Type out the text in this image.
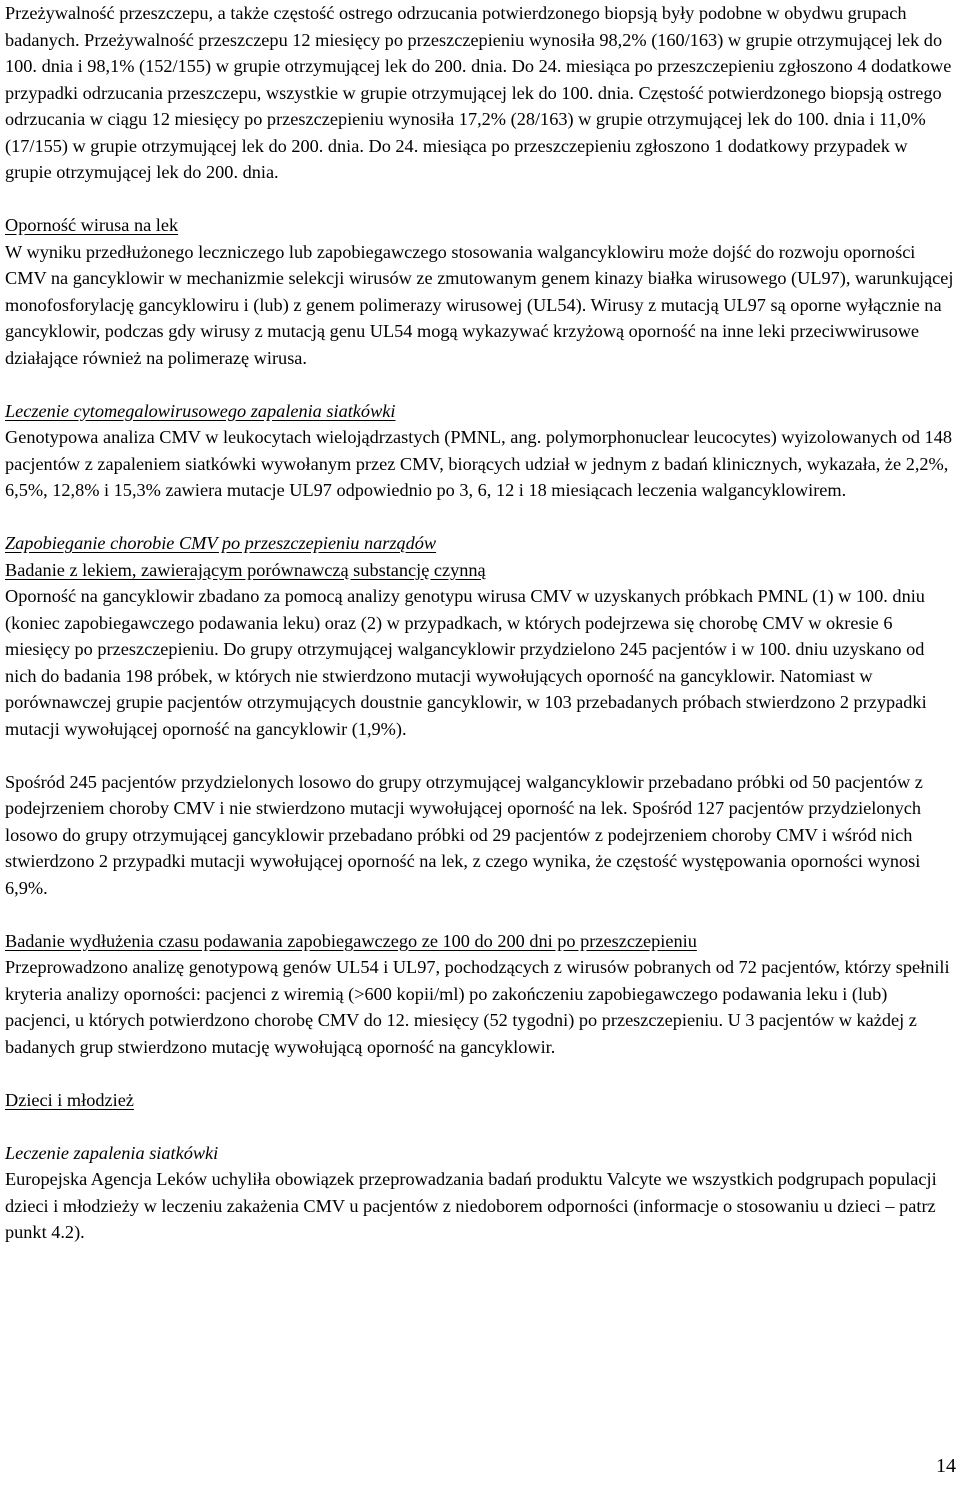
Przeżywalność przeszczepu, a także częstość ostrego odrzucania potwierdzonego biopsją były podobne w obydwu grupach badanych. Przeżywalność przeszczepu 12 miesięcy po przeszczepieniu wynosiła 98,2% (160/163) w grupie otrzymującej lek do 100. dnia i 98,1% (152/155) w grupie otrzymującej lek do 200. dnia. Do 24. miesiąca po przeszczepieniu zgłoszono 4 dodatkowe przypadki odrzucania przeszczepu, wszystkie w grupie otrzymującej lek do 100. dnia. Częstość potwierdzonego biopsją ostrego odrzucania w ciągu 12 miesięcy po przeszczepieniu wynosiła 17,2% (28/163) w grupie otrzymującej lek do 100. dnia i 11,0% (17/155) w grupie otrzymującej lek do 200. dnia. Do 24. miesiąca po przeszczepieniu zgłoszono 1 dodatkowy przypadek w grupie otrzymującej lek do 200. dnia.

Oporność wirusa na lek

W wyniku przedłużonego leczniczego lub zapobiegawczego stosowania walgancyklowiru może dojść do rozwoju oporności CMV na gancyklowir w mechanizmie selekcji wirusów ze zmutowanym genem kinazy białka wirusowego (UL97), warunkującej monofosforylację gancyklowiru i (lub) z genem polimerazy wirusowej (UL54). Wirusy z mutacją UL97 są oporne wyłącznie na gancyklowir, podczas gdy wirusy z mutacją genu UL54 mogą wykazywać krzyżową oporność na inne leki przeciwwirusowe działające również na polimerazę wirusa.

Leczenie cytomegalowirusowego zapalenia siatkówki

Genotypowa analiza CMV w leukocytach wielojądrzastych (PMNL, ang. polymorphonuclear leucocytes) wyizolowanych od 148 pacjentów z zapaleniem siatkówki wywołanym przez CMV, biorących udział w jednym z badań klinicznych, wykazała, że 2,2%, 6,5%, 12,8% i 15,3% zawiera mutacje UL97 odpowiednio po 3, 6, 12 i 18 miesiącach leczenia walgancyklowirem.

Zapobieganie chorobie CMV po przeszczepieniu narządów

Badanie z lekiem, zawierającym porównawczą substancję czynną

Oporność na gancyklowir zbadano za pomocą analizy genotypu wirusa CMV w uzyskanych próbkach PMNL (1) w 100. dniu (koniec zapobiegawczego podawania leku) oraz (2) w przypadkach, w których podejrzewa się chorobę CMV w okresie 6 miesięcy po przeszczepieniu. Do grupy otrzymującej walgancyklowir przydzielono 245 pacjentów i w 100. dniu uzyskano od nich do badania 198 próbek, w których nie stwierdzono mutacji wywołujących oporność na gancyklowir. Natomiast w porównawczej grupie pacjentów otrzymujących doustnie gancyklowir, w 103 przebadanych próbach stwierdzono 2 przypadki mutacji wywołującej oporność na gancyklowir (1,9%).

Spośród 245 pacjentów przydzielonych losowo do grupy otrzymującej walgancyklowir przebadano próbki od 50 pacjentów z podejrzeniem choroby CMV i nie stwierdzono mutacji wywołującej oporność na lek. Spośród 127 pacjentów przydzielonych losowo do grupy otrzymującej gancyklowir przebadano próbki od 29 pacjentów z podejrzeniem choroby CMV i wśród nich stwierdzono 2 przypadki mutacji wywołującej oporność na lek, z czego wynika, że częstość występowania oporności wynosi 6,9%.

Badanie wydłużenia czasu podawania zapobiegawczego ze 100 do 200 dni po przeszczepieniu

Przeprowadzono analizę genotypową genów UL54 i UL97, pochodzących z wirusów pobranych od 72 pacjentów, którzy spełnili kryteria analizy oporności: pacjenci z wiremią (>600 kopii/ml) po zakończeniu zapobiegawczego podawania leku i (lub) pacjenci, u których potwierdzono chorobę CMV do 12. miesięcy (52 tygodni) po przeszczepieniu. U 3 pacjentów w każdej z badanych grup stwierdzono mutację wywołującą oporność na gancyklowir.

Dzieci i młodzież

Leczenie zapalenia siatkówki

Europejska Agencja Leków uchyliła obowiązek przeprowadzania badań produktu Valcyte we wszystkich podgrupach populacji dzieci i młodzieży w leczeniu zakażenia CMV u pacjentów z niedoborem odporności (informacje o stosowaniu u dzieci – patrz punkt 4.2).

14
